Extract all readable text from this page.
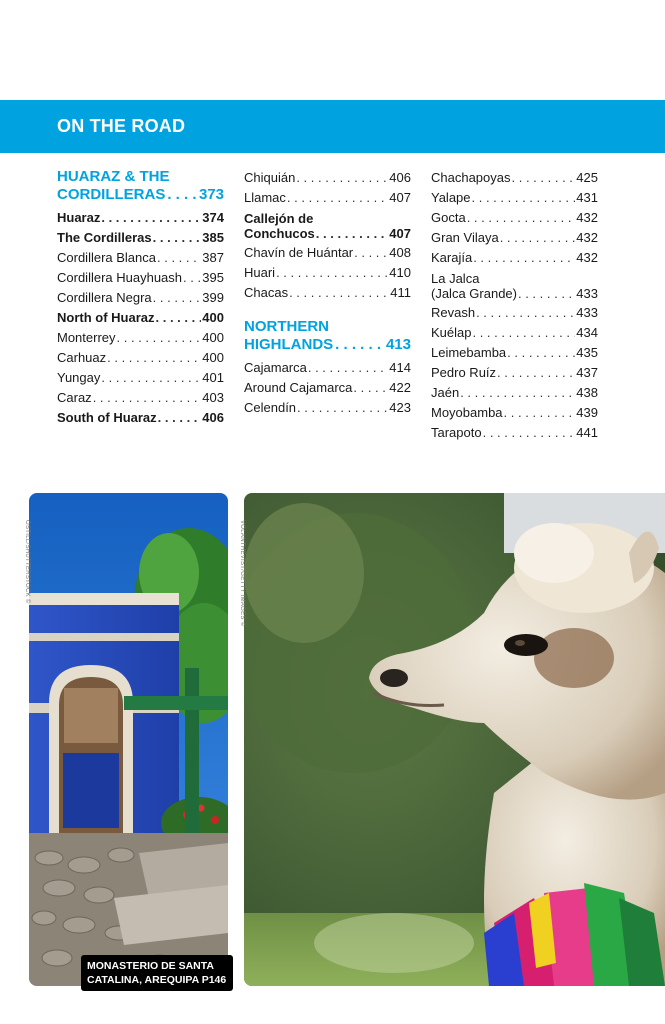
ON THE ROAD
HUARAZ & THE
CORDILLERAS . . . 373
Huaraz . . .	374
The Cordilleras . . .	385
Cordillera Blanca . . .	387
Cordillera Huayhuash . . . 395
Cordillera Negra . . .	399
North of Huaraz . . .	400
Monterrey . . .	400
Carhuaz . . .	400
Yungay . . .	401
Caraz . . .	403
South of Huaraz . . .	406
Chiquián . . .	406
Llamac . . .	407
Callejón de
Conchucos . . .	407
Chavín de Huántar . . .	408
Huari . . .	410
Chacas . . .	411
NORTHERN
HIGHLANDS . . .	413
Cajamarca . . .	414
Around Cajamarca . . .	422
Celendín . . .	423
Chachapoyas . . .	425
Yalape . . .	431
Gocta . . .	432
Gran Vilaya . . .	432
Karajía . . .	432
La Jalca
(Jalca Grande) . . .	433
Revash . . .	433
Kuélap . . .	434
Leimebamba . . .	435
Pedro Ruíz . . .	437
Jaén . . .	438
Moyobamba . . .	439
Tarapoto . . .	441
OSTILL/SHUTTERSTOCK ©
MONASTERIO DE SANTA
CATALINA, AREQUIPA P146
VOLANTHEVIST/GETTY IMAGES ©
